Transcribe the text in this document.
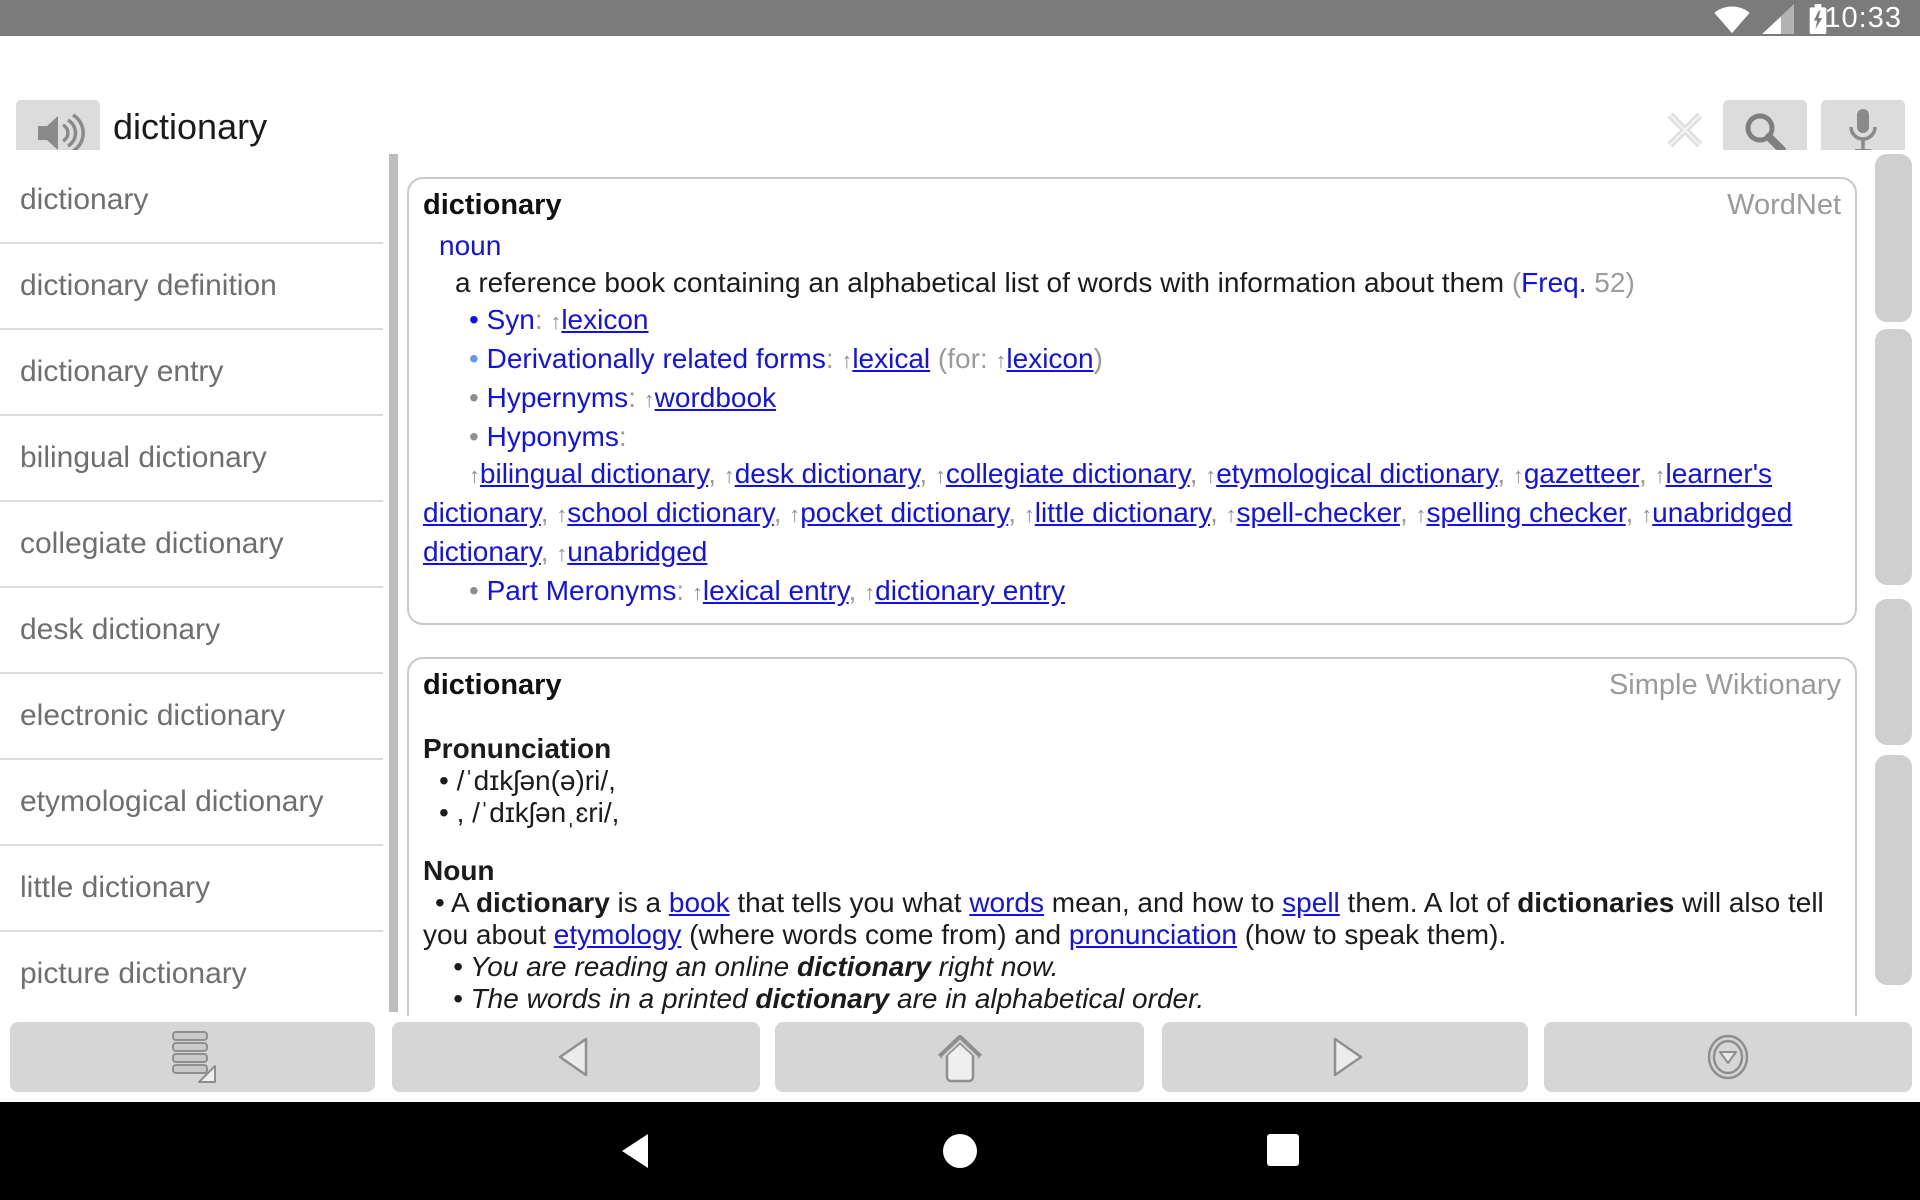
10:33
dictionary
dictionary
dictionary definition
dictionary entry
bilingual dictionary
collegiate dictionary
desk dictionary
electronic dictionary
etymological dictionary
little dictionary
picture dictionary
dictionary	WordNet
noun
a reference book containing an alphabetical list of words with information about them (Freq. 52)
• Syn: ↑lexicon
• Derivationally related forms: ↑lexical (for: ↑lexicon)
• Hypernyms: ↑wordbook
• Hyponyms:
↑bilingual dictionary, ↑desk dictionary, ↑collegiate dictionary, ↑etymological dictionary, ↑gazetteer, ↑learner's dictionary, ↑school dictionary, ↑pocket dictionary, ↑little dictionary, ↑spell-checker, ↑spelling checker, ↑unabridged dictionary, ↑unabridged
• Part Meronyms: ↑lexical entry, ↑dictionary entry
dictionary	Simple Wiktionary
Pronunciation
• /ˈdɪkʃən(ə)ri/,
• , /ˈdɪkʃənˌɛri/,
Noun
• A dictionary is a book that tells you what words mean, and how to spell them. A lot of dictionaries will also tell you about etymology (where words come from) and pronunciation (how to speak them).
• You are reading an online dictionary right now.
• The words in a printed dictionary are in alphabetical order.
